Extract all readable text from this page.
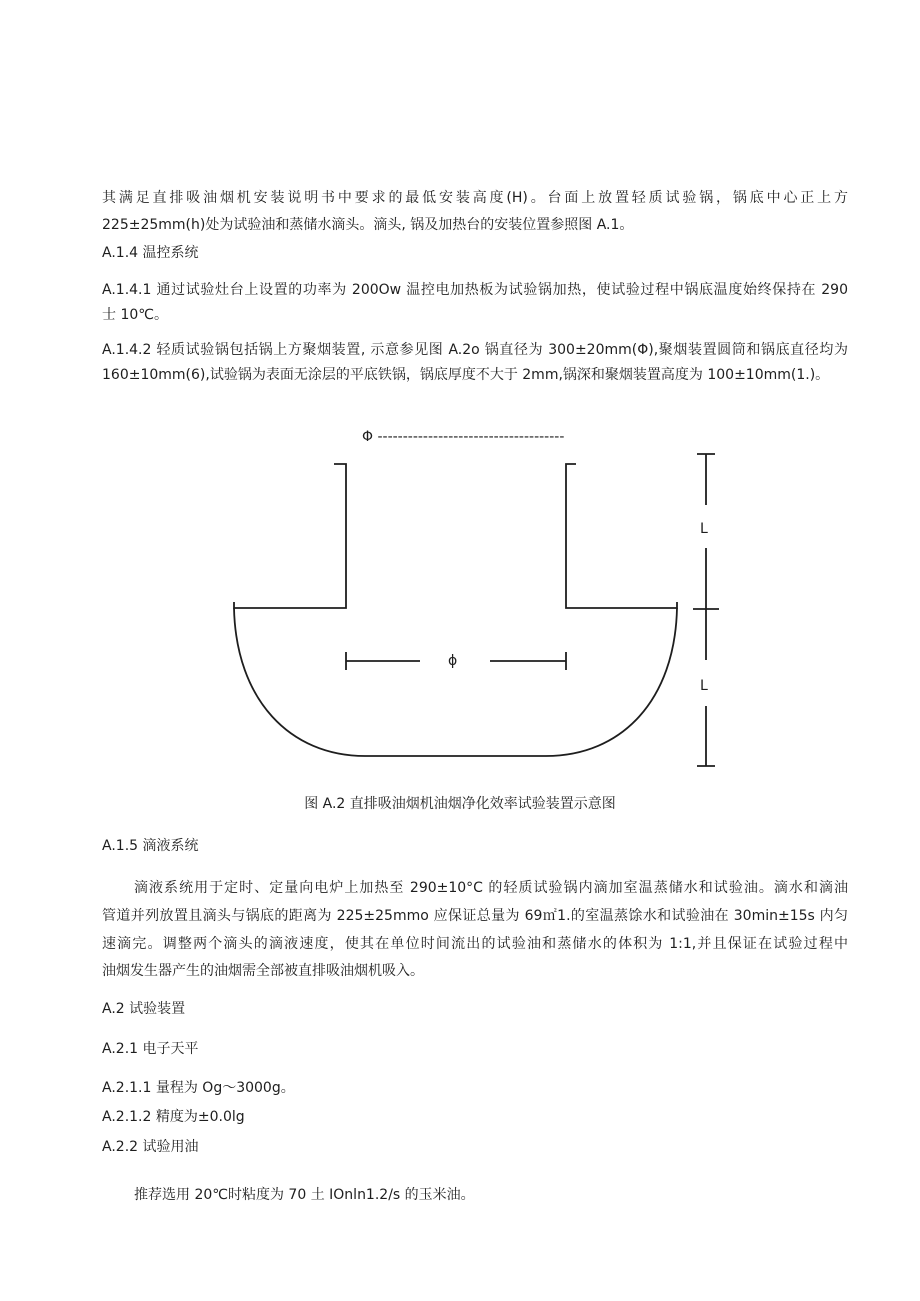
其满足直排吸油烟机安装说明书中要求的最低安装高度(H)。台面上放置轻质试验锅，锅底中心正上方

225±25mm(h)处为试验油和蒸储水滴头。滴头, 锅及加热台的安装位置参照图 A.1。

A.1.4 温控系统

A.1.4.1 通过试验灶台上设置的功率为 200Ow 温控电加热板为试验锅加热，使试验过程中锅底温度始终保持在 290

士 10℃。

A.1.4.2 轻质试验锅包括锅上方聚烟装置, 示意参见图 A.2o 锅直径为 300±20mm(Φ),聚烟装置圆筒和锅底直径均为

160±10mm(6),试验锅为表面无涂层的平底铁锅，锅底厚度不大于 2mm,锅深和聚烟装置高度为 100±10mm(1.)。

Φ -------------------------------------

ϕ

L

L

图 A.2 直排吸油烟机油烟净化效率试验装置示意图

A.1.5 滴液系统

滴液系统用于定时、定量向电炉上加热至 290±10°C 的轻质试验锅内滴加室温蒸储水和试验油。滴水和滴油

管道并列放置且滴头与锅底的距离为 225±25mmo 应保证总量为 69㎡1.的室温蒸馀水和试验油在 30min±15s 内匀

速滴完。调整两个滴头的滴液速度，使其在单位时间流出的试验油和蒸储水的体积为 1:1,并且保证在试验过程中

油烟发生器产生的油烟需全部被直排吸油烟机吸入。

A.2 试验装置

A.2.1 电子天平

A.2.1.1 量程为 Og～3000g。

A.2.1.2 精度为±0.0lg

A.2.2 试验用油

推荐选用 20℃时粘度为 70 土 IOnln1.2/s 的玉米油。
